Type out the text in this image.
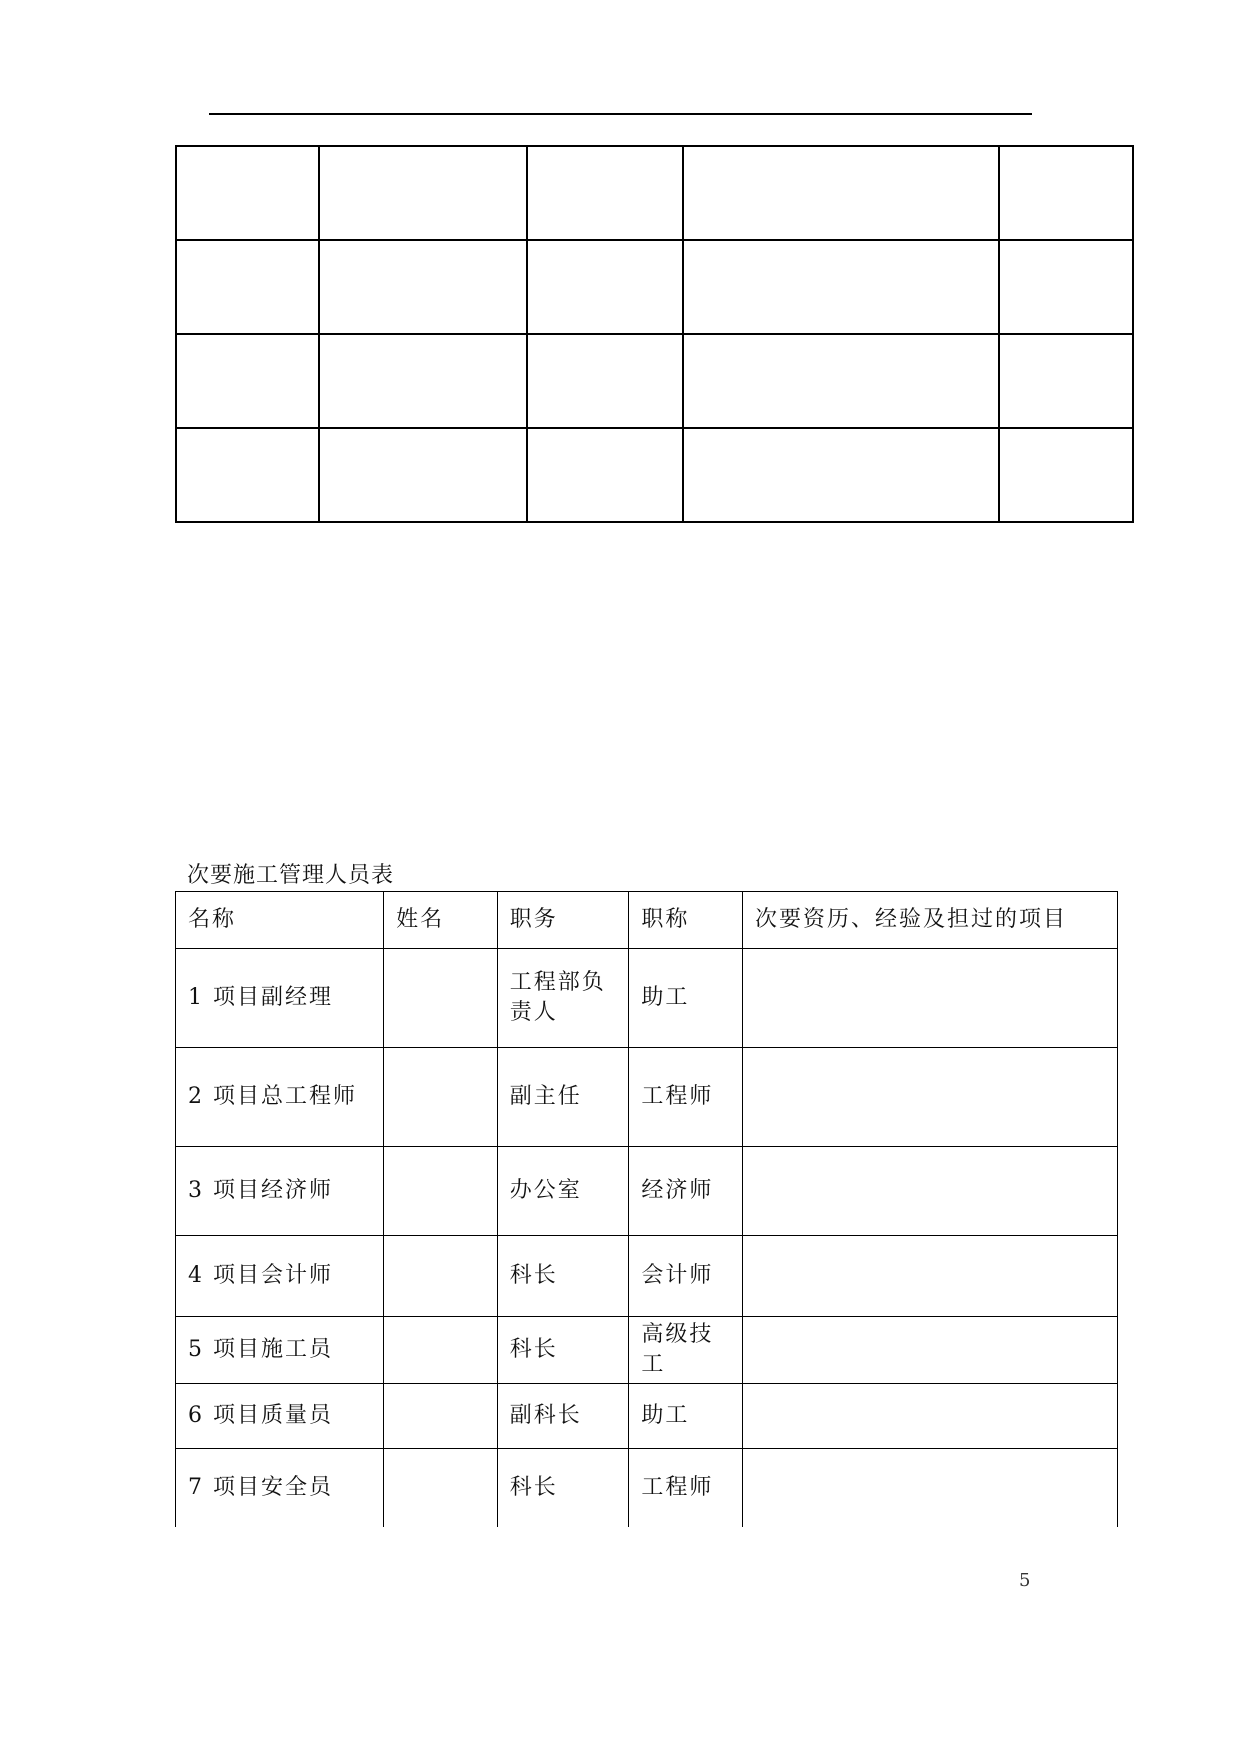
次要施工管理人员表
名称	姓名	职务	职称	次要资历、经验及担过的项目
1 项目副经理		工程部负责人	助工	
2 项目总工程师		副主任	工程师	
3 项目经济师		办公室	经济师	
4 项目会计师		科长	会计师	
5 项目施工员		科长	高级技工	
6 项目质量员		副科长	助工	
7 项目安全员		科长	工程师	
5
